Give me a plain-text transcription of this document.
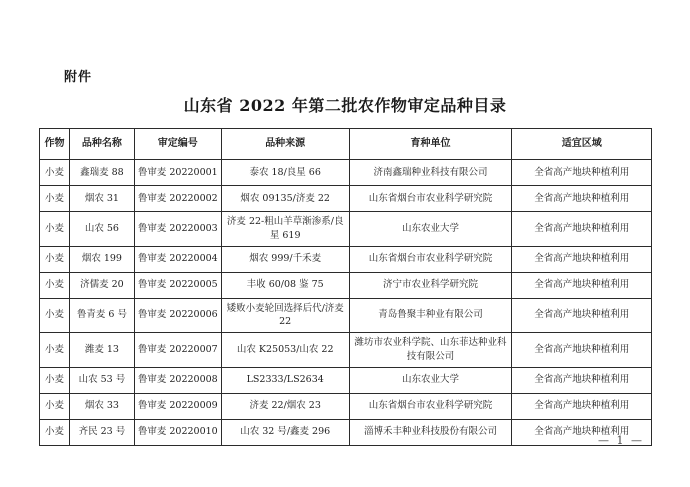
附件
山东省 2022 年第二批农作物审定品种目录
作物	品种名称	审定编号	品种来源	育种单位	适宜区域
小麦	鑫瑞麦 88	鲁审麦 20220001	泰农 18/良星 66	济南鑫瑞种业科技有限公司	全省高产地块种植利用
小麦	烟农 31	鲁审麦 20220002	烟农 09135/济麦 22	山东省烟台市农业科学研究院	全省高产地块种植利用
小麦	山农 56	鲁审麦 20220003	济麦 22-粗山羊草渐渗系/良星 619	山东农业大学	全省高产地块种植利用
小麦	烟农 199	鲁审麦 20220004	烟农 999/千禾麦	山东省烟台市农业科学研究院	全省高产地块种植利用
小麦	济儒麦 20	鲁审麦 20220005	丰收 60/08 鉴 75	济宁市农业科学研究院	全省高产地块种植利用
小麦	鲁青麦 6 号	鲁审麦 20220006	矮败小麦轮回选择后代/济麦 22	青岛鲁聚丰种业有限公司	全省高产地块种植利用
小麦	潍麦 13	鲁审麦 20220007	山农 K25053/山农 22	潍坊市农业科学院、山东菲达种业科技有限公司	全省高产地块种植利用
小麦	山农 53 号	鲁审麦 20220008	LS2333/LS2634	山东农业大学	全省高产地块种植利用
小麦	烟农 33	鲁审麦 20220009	济麦 22/烟农 23	山东省烟台市农业科学研究院	全省高产地块种植利用
小麦	齐民 23 号	鲁审麦 20220010	山农 32 号/鑫麦 296	淄博禾丰种业科技股份有限公司	全省高产地块种植利用
— 1 —
